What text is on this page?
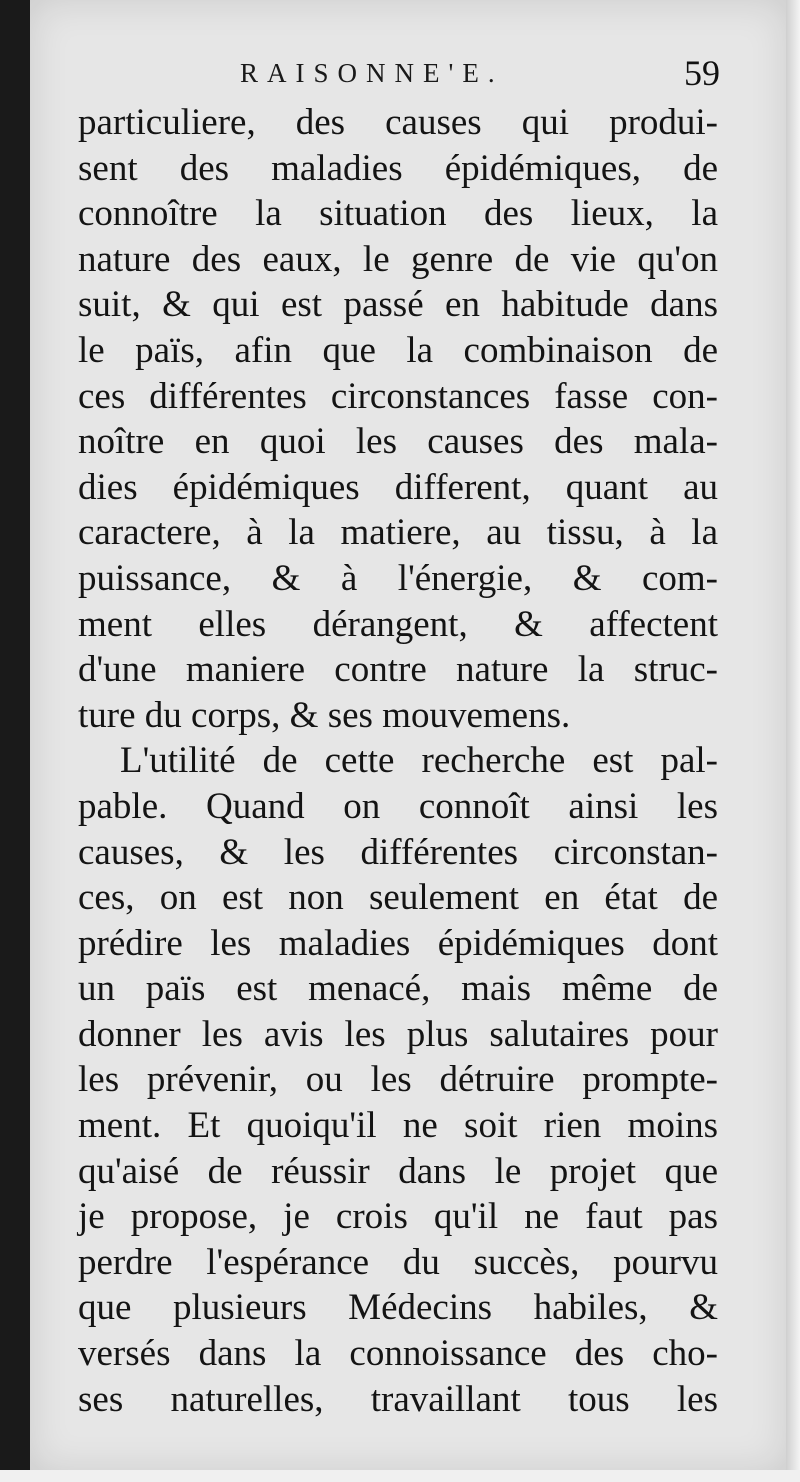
RAISONNE'E.	59
particuliere, des causes qui produi-
sent des maladies épidémiques, de
connoître la situation des lieux, la
nature des eaux, le genre de vie qu'on
suit, & qui est passé en habitude dans
le païs, afin que la combinaison de
ces différentes circonstances fasse con-
noître en quoi les causes des mala-
dies épidémiques different, quant au
caractere, à la matiere, au tissu, à la
puissance, & à l'énergie, & com-
ment elles dérangent, & affectent
d'une maniere contre nature la struc-
ture du corps, & ses mouvemens.
L'utilité de cette recherche est pal-
pable. Quand on connoît ainsi les
causes, & les différentes circonstan-
ces, on est non seulement en état de
prédire les maladies épidémiques dont
un païs est menacé, mais même de
donner les avis les plus salutaires pour
les prévenir, ou les détruire prompte-
ment. Et quoiqu'il ne soit rien moins
qu'aisé de réussir dans le projet que
je propose, je crois qu'il ne faut pas
perdre l'espérance du succès, pourvu
que plusieurs Médecins habiles, &
versés dans la connoissance des cho-
ses naturelles, travaillant tous les
